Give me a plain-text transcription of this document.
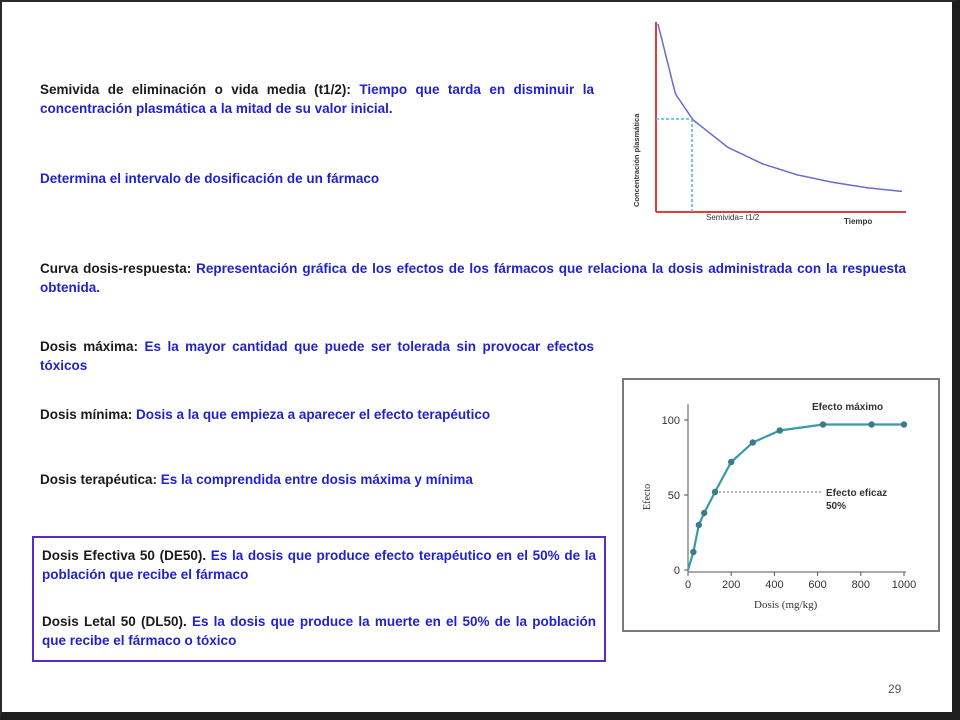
Semivida de eliminación o vida media (t1/2): Tiempo que tarda en disminuir la concentración plasmática a la mitad de su valor inicial.
Determina el intervalo de dosificación de un fármaco	Concentración plasmática
Semivida= t1/2	Tiempo
Curva dosis-respuesta: Representación gráfica de los efectos de los fármacos que relaciona la dosis administrada con la respuesta obtenida.
Dosis máxima: Es la mayor cantidad que puede ser tolerada sin provocar efectos tóxicos
Dosis mínima: Dosis a la que empieza a aparecer el efecto terapéutico
Dosis terapéutica: Es la comprendida entre dosis máxima y mínima
Dosis Efectiva 50 (DE50). Es la dosis que produce efecto terapéutico en el 50% de la población que recibe el fármaco
Dosis Letal 50 (DL50). Es la dosis que produce la muerte en el 50% de la población que recibe el fármaco o tóxico
0	200 400 600 800 1000
0
50
100
Efecto máximo
Efecto eficaz
50%
Efecto
Dosis (mg/kg)
29
